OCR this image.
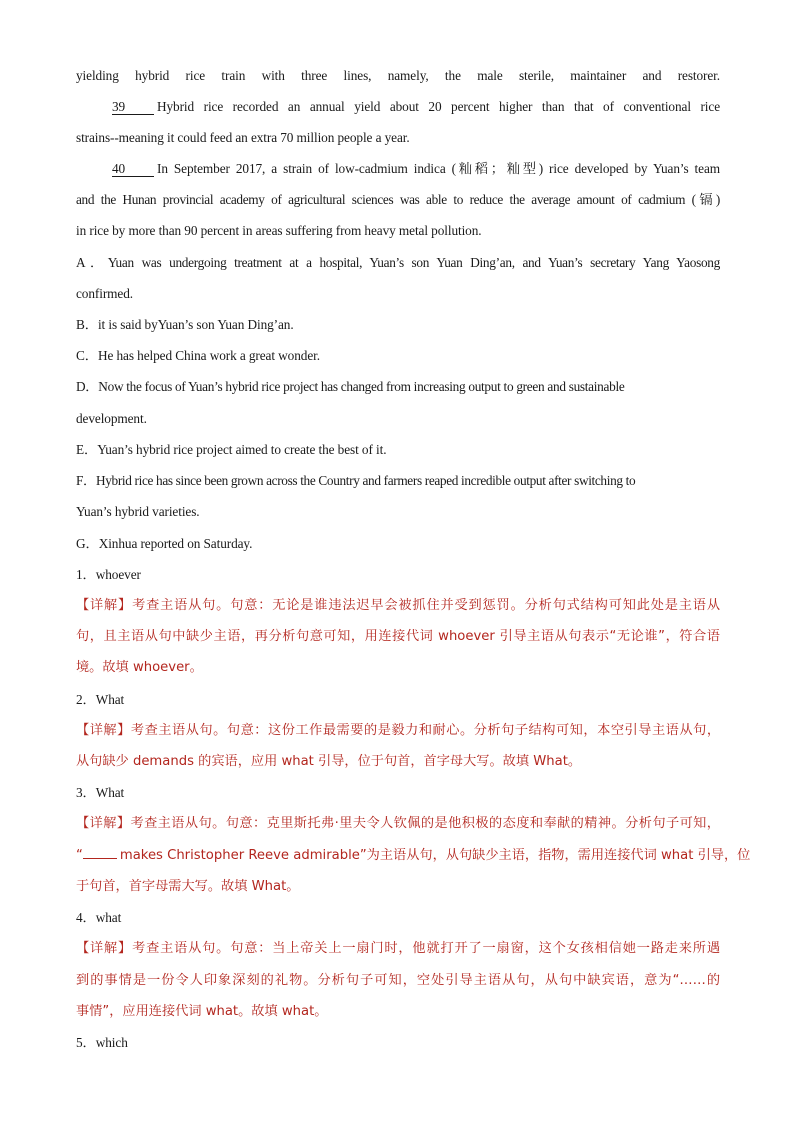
yielding hybrid rice train with three lines, namely, the male sterile, maintainer and restorer.
39 Hybrid rice recorded an annual yield about 20 percent higher than that of conventional rice
strains--meaning it could feed an extra 70 million people a year.
40 In September 2017, a strain of low-cadmium indica (籼稻；籼型) rice developed by Yuan’s team
and the Hunan provincial academy of agricultural sciences was able to reduce the average amount of cadmium (镉)
in rice by more than 90 percent in areas suffering from heavy metal pollution.
A．Yuan was undergoing treatment at a hospital, Yuan’s son Yuan Ding’an, and Yuan’s secretary Yang Yaosong
confirmed.
B．it is said byYuan’s son Yuan Ding’an.
C．He has helped China work a great wonder.
D．Now the focus of Yuan’s hybrid rice project has changed from increasing output to green and sustainable
development.
E．Yuan’s hybrid rice project aimed to create the best of it.
F．Hybrid rice has since been grown across the Country and farmers reaped incredible output after switching to
Yuan’s hybrid varieties.
G．Xinhua reported on Saturday.
1．whoever
【详解】考查主语从句。句意：无论是谁违法迟早会被抓住并受到惩罚。分析句式结构可知此处是主语从
句，且主语从句中缺少主语，再分析句意可知，用连接代词 whoever 引导主语从句表示“无论谁”，符合语
境。故填 whoever。
2．What
【详解】考查主语从句。句意：这份工作最需要的是毅力和耐心。分析句子结构可知，本空引导主语从句，
从句缺少 demands 的宾语，应用 what 引导，位于句首，首字母大写。故填 What。
3．What
【详解】考查主语从句。句意：克里斯托弗·里夫令人钦佩的是他积极的态度和奉献的精神。分析句子可知，
“	makes Christopher Reeve admirable”为主语从句，从句缺少主语，指物，需用连接代词 what 引导，位
于句首，首字母需大写。故填 What。
4．what
【详解】考查主语从句。句意：当上帝关上一扇门时，他就打开了一扇窗，这个女孩相信她一路走来所遇
到的事情是一份令人印象深刻的礼物。分析句子可知，空处引导主语从句，从句中缺宾语，意为“……的
事情”，应用连接代词 what。故填 what。
5．which
